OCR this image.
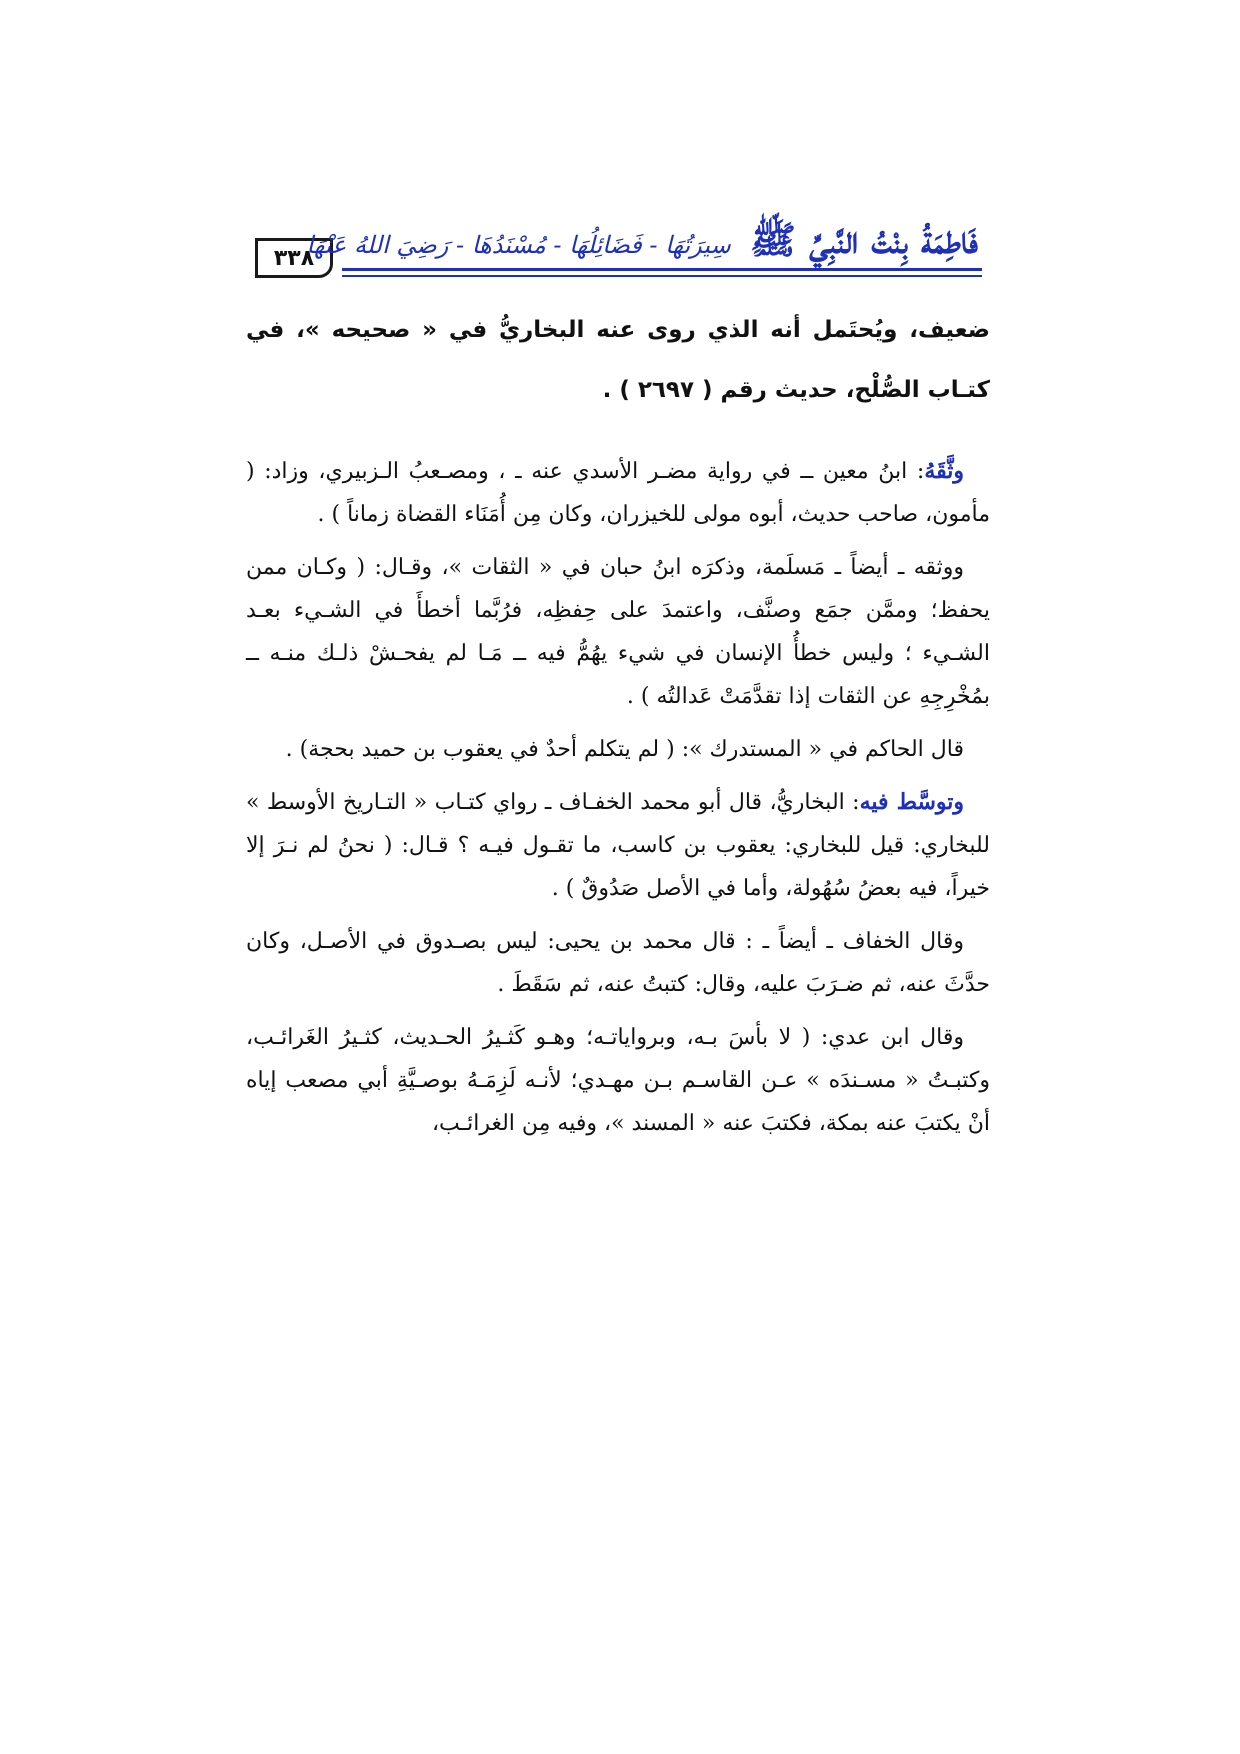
٣٣٨	فَاطِمَةُ بِنْتُ النَّبِيِّ ﷺ سِيرَتُهَا - فَضَائِلُهَا - مُسْنَدُهَا - رَضِيَ اللهُ عَنْهَا

ضعيف، ويُحتَمل أنه الذي روى عنه البخاريُّ في « صحيحه »، في كتـاب الصُّلْح، حديث رقم ( ٢٦٩٧ ) .

وثَّقَهُ: ابنُ معين ــ في رواية مضـر الأسدي عنه ـ ، ومصـعبُ الـزبيري، وزاد: ( مأمون، صاحب حديث، أبوه مولى للخيزران، وكان مِن أُمَنَاء القضاة زماناً ) .

ووثقه ـ أيضاً ـ مَسلَمة، وذكرَه ابنُ حبان في « الثقات »، وقـال: ( وكـان ممن يحفظ؛ وممَّن جمَع وصنَّف، واعتمدَ على حِفظِه، فرُبَّما أخطأَ في الشـيء بعـد الشـيء ؛ وليس خطأُ الإنسان في شيء يهُمُّ فيه ــ مَـا لم يفحـشْ ذلـك منـه ــ بمُخْرِجِهِ عن الثقات إذا تقدَّمَتْ عَدالتُه ) .

قال الحاكم في « المستدرك »: ( لم يتكلم أحدٌ في يعقوب بن حميد بحجة) .

وتوسَّط فيه: البخاريُّ، قال أبو محمد الخفـاف ـ رواي كتـاب « التـاريخ الأوسط » للبخاري: قيل للبخاري: يعقوب بن كاسب، ما تقـول فيـه ؟ قـال: ( نحنُ لم نـرَ إلا خيراً، فيه بعضُ سُهُولة، وأما في الأصل صَدُوقٌ ) .

وقال الخفاف ـ أيضاً ـ : قال محمد بن يحيى: ليس بصـدوق في الأصـل، وكان حدَّثَ عنه، ثم ضـرَبَ عليه، وقال: كتبتُ عنه، ثم سَقَطَ .

وقال ابن عدي: ( لا بأسَ بـه، وبرواياتـه؛ وهـو كَثـيرُ الحـديث، كثـيرُ الغَرائـب، وكتبـتُ « مسـندَه » عـن القاسـم بـن مهـدي؛ لأنـه لَزِمَـهُ بوصـيَّةِ أبي مصعب إياه أنْ يكتبَ عنه بمكة، فكتبَ عنه « المسند »، وفيه مِن الغرائـب،
